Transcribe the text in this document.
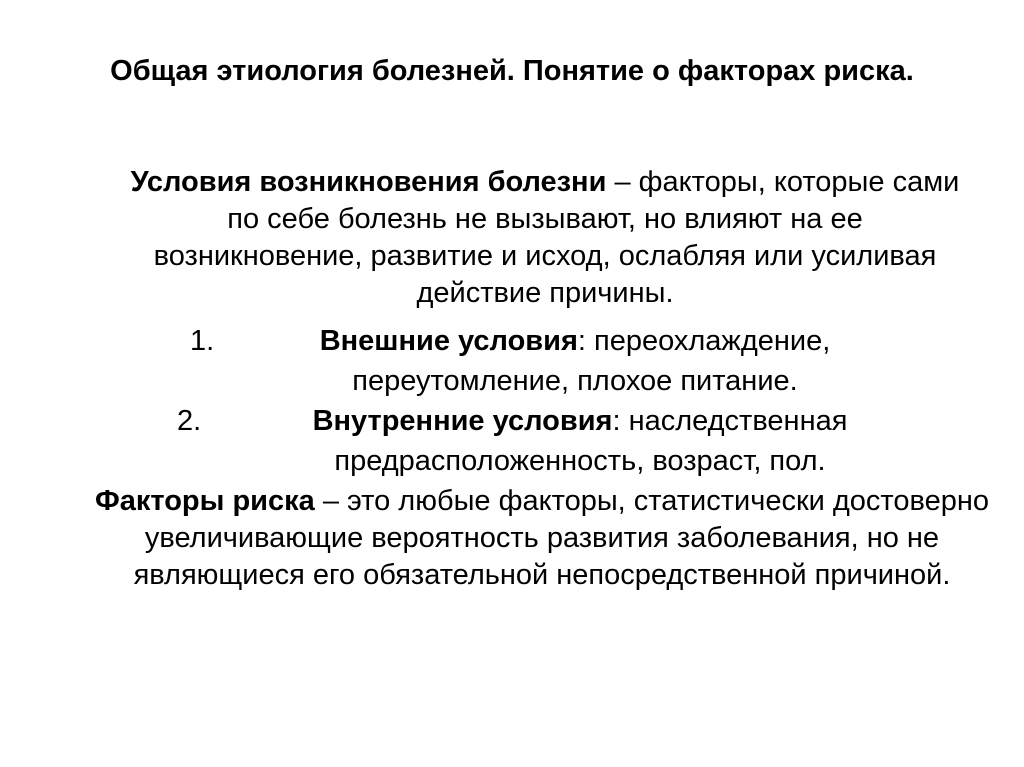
Общая этиология болезней. Понятие о факторах риска.
Условия возникновения болезни – факторы, которые сами по себе болезнь не вызывают, но влияют на ее возникновение, развитие и исход, ослабляя или усиливая действие причины.
1.	Внешние условия: переохлаждение, переутомление, плохое питание.
2.	Внутренние условия: наследственная предрасположенность, возраст, пол.
Факторы риска – это любые факторы, статистически достоверно увеличивающие вероятность развития заболевания, но не являющиеся его обязательной непосредственной причиной.
